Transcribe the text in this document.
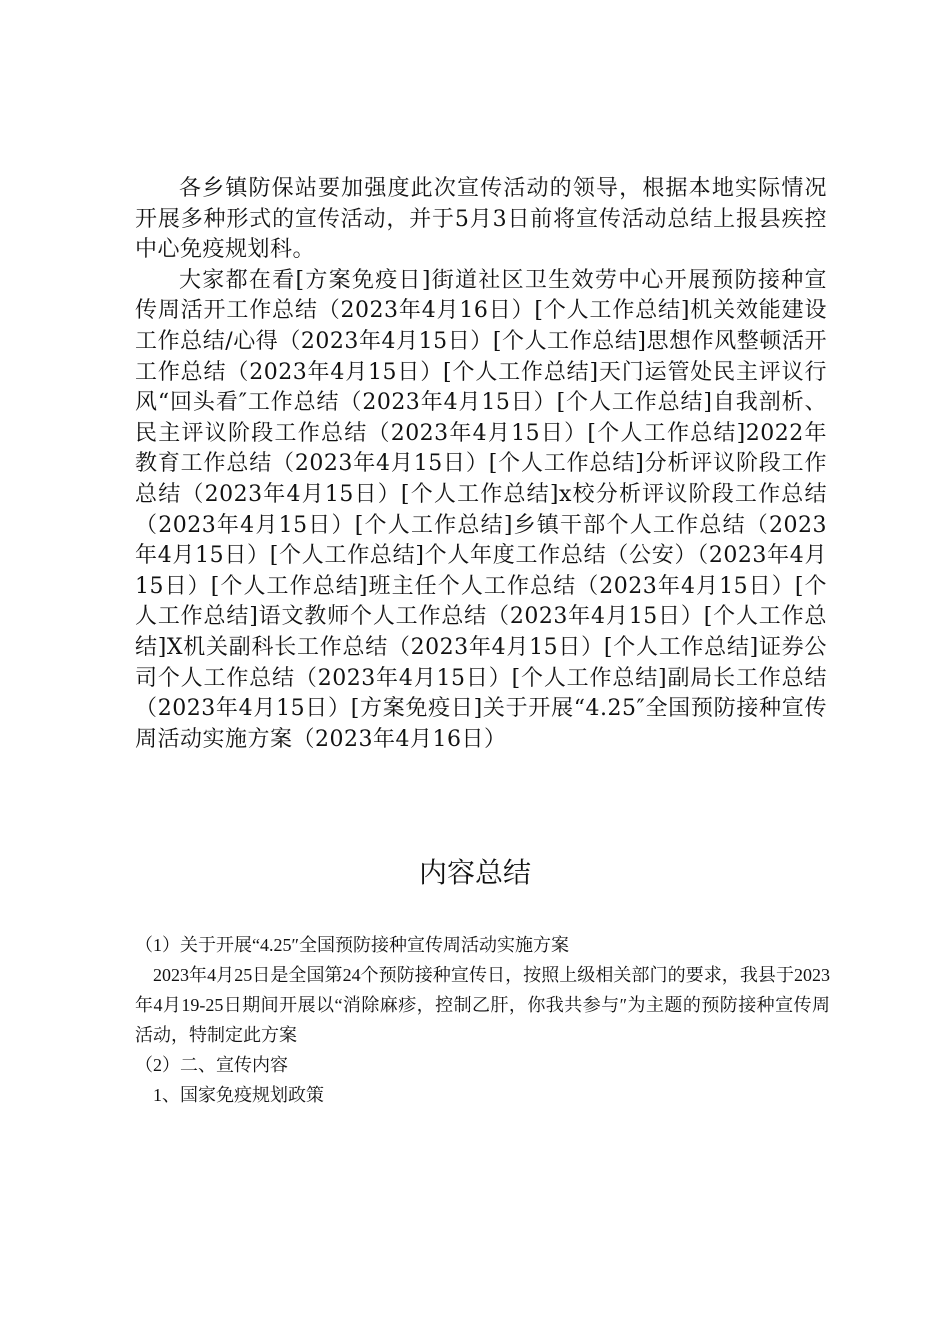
各乡镇防保站要加强度此次宣传活动的领导，根据本地实际情况开展多种形式的宣传活动，并于5月3日前将宣传活动总结上报县疾控中心免疫规划科。

大家都在看[方案免疫日]街道社区卫生效劳中心开展预防接种宣传周活开工作总结（2023年4月16日）[个人工作总结]机关效能建设工作总结/心得（2023年4月15日）[个人工作总结]思想作风整顿活开工作总结（2023年4月15日）[个人工作总结]天门运管处民主评议行风“回头看″工作总结（2023年4月15日）[个人工作总结]自我剖析、民主评议阶段工作总结（2023年4月15日）[个人工作总结]2022年教育工作总结（2023年4月15日）[个人工作总结]分析评议阶段工作总结（2023年4月15日）[个人工作总结]x校分析评议阶段工作总结（2023年4月15日）[个人工作总结]乡镇干部个人工作总结（2023年4月15日）[个人工作总结]个人年度工作总结（公安）（2023年4月15日）[个人工作总结]班主任个人工作总结（2023年4月15日）[个人工作总结]语文教师个人工作总结（2023年4月15日）[个人工作总结]X机关副科长工作总结（2023年4月15日）[个人工作总结]证券公司个人工作总结（2023年4月15日）[个人工作总结]副局长工作总结（2023年4月15日）[方案免疫日]关于开展“4.25″全国预防接种宣传周活动实施方案（2023年4月16日）

内容总结

（1）关于开展“4.25″全国预防接种宣传周活动实施方案

2023年4月25日是全国第24个预防接种宣传日，按照上级相关部门的要求，我县于2023年4月19-25日期间开展以“消除麻疹，控制乙肝，你我共参与″为主题的预防接种宣传周活动，特制定此方案

（2）二、宣传内容

1、国家免疫规划政策
